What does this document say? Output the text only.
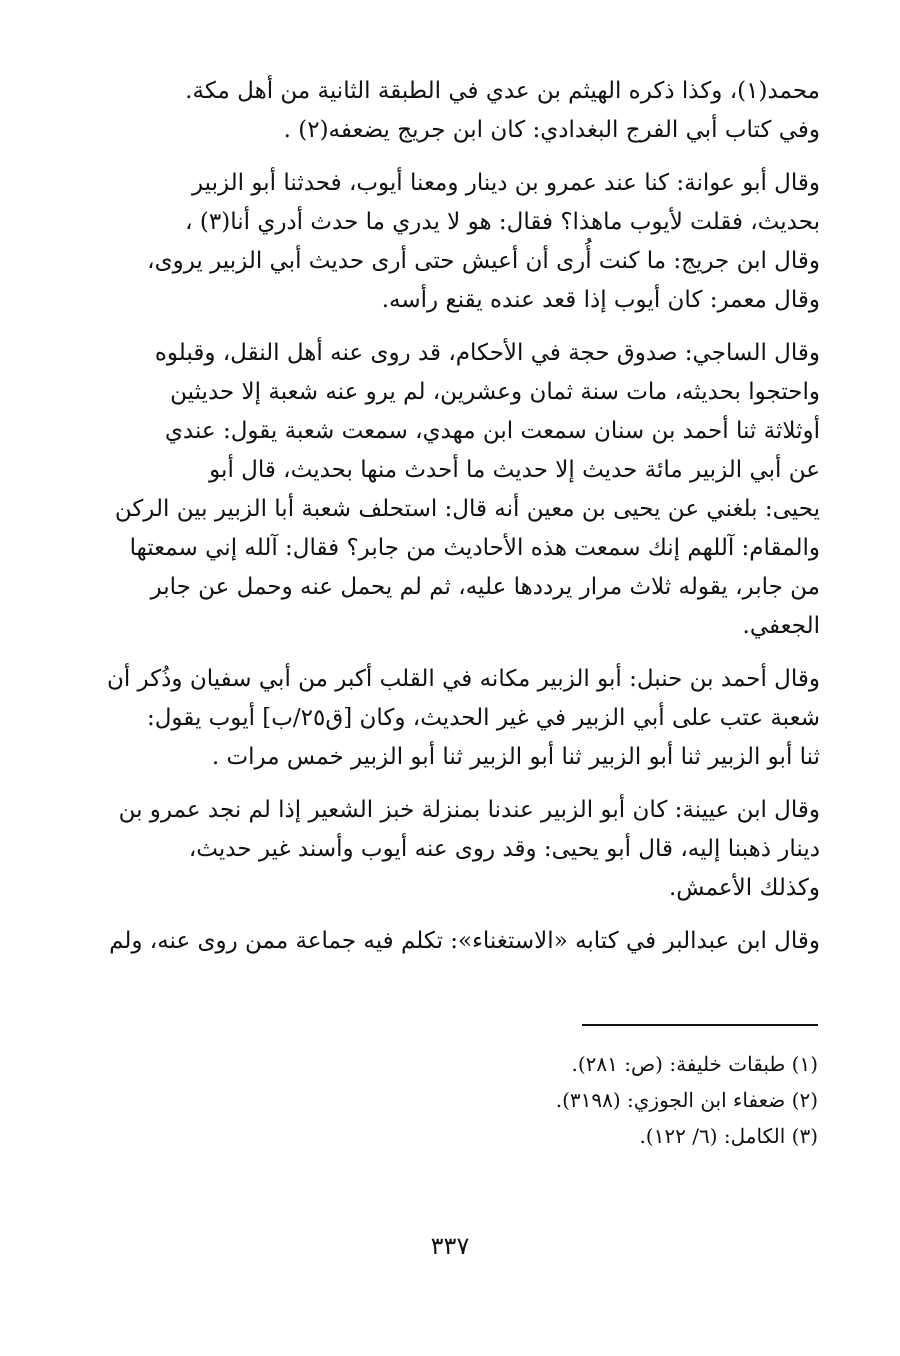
محمد(١)، وكذا ذكره الهيثم بن عدي في الطبقة الثانية من أهل مكة.
وفي كتاب أبي الفرج البغدادي: كان ابن جريج يضعفه(٢) .

وقال أبو عوانة: كنا عند عمرو بن دينار ومعنا أيوب، فحدثنا أبو الزبير
بحديث، فقلت لأيوب ماهذا؟ فقال: هو لا يدري ما حدث أدري أنا(٣) ،
وقال ابن جريج: ما كنت أُرى أن أعيش حتى أرى حديث أبي الزبير يروى،
وقال معمر: كان أيوب إذا قعد عنده يقنع رأسه.

وقال الساجي: صدوق حجة في الأحكام، قد روى عنه أهل النقل، وقبلوه
واحتجوا بحديثه، مات سنة ثمان وعشرين، لم يرو عنه شعبة إلا حديثين
أوثلاثة ثنا أحمد بن سنان سمعت ابن مهدي، سمعت شعبة يقول: عندي
عن أبي الزبير مائة حديث إلا حديث ما أحدث منها بحديث، قال أبو
يحيى: بلغني عن يحيى بن معين أنه قال: استحلف شعبة أبا الزبير بين الركن
والمقام: آللهم إنك سمعت هذه الأحاديث من جابر؟ فقال: آلله إني سمعتها
من جابر، يقوله ثلاث مرار يرددها عليه، ثم لم يحمل عنه وحمل عن جابر
الجعفي.

وقال أحمد بن حنبل: أبو الزبير مكانه في القلب أكبر من أبي سفيان وذُكر أن
شعبة عتب على أبي الزبير في غير الحديث، وكان [ق٢٥/ب] أيوب يقول:
ثنا أبو الزبير ثنا أبو الزبير ثنا أبو الزبير ثنا أبو الزبير خمس مرات .

وقال ابن عيينة: كان أبو الزبير عندنا بمنزلة خبز الشعير إذا لم نجد عمرو بن
دينار ذهبنا إليه، قال أبو يحيى: وقد روى عنه أيوب وأسند غير حديث،
وكذلك الأعمش.

وقال ابن عبدالبر في كتابه «الاستغناء»: تكلم فيه جماعة ممن روى عنه، ولم

(١) طبقات خليفة: (ص: ٢٨١).
(٢) ضعفاء ابن الجوزي: (٣١٩٨).
(٣) الكامل: (٦/ ١٢٢).
٣٣٧
